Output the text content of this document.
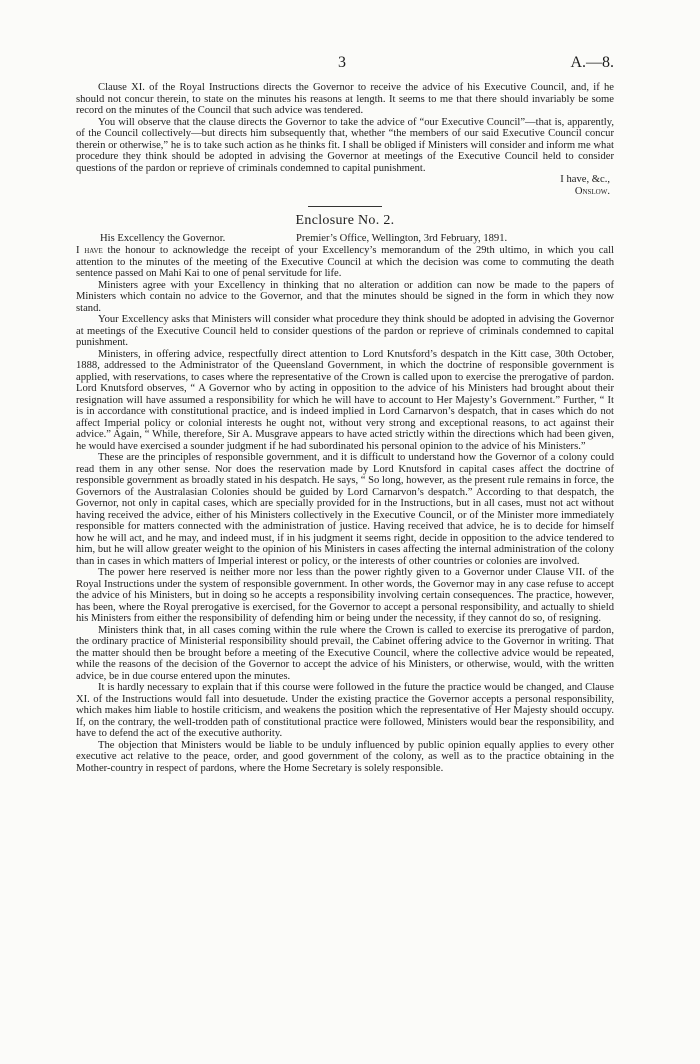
3	A.—8.

Clause XI. of the Royal Instructions directs the Governor to receive the advice of his Executive Council, and, if he should not concur therein, to state on the minutes his reasons at length. It seems to me that there should invariably be some record on the minutes of the Council that such advice was tendered.

You will observe that the clause directs the Governor to take the advice of “our Executive Council”—that is, apparently, of the Council collectively—but directs him subsequently that, whether “the members of our said Executive Council concur therein or otherwise,” he is to take such action as he thinks fit. I shall be obliged if Ministers will consider and inform me what procedure they think should be adopted in advising the Governor at meetings of the Executive Council held to consider questions of the pardon or reprieve of criminals condemned to capital punishment.

I have, &c.,

Onslow.

Enclosure No. 2.
His Excellency the Governor.	Premier’s Office, Wellington, 3rd February, 1891.

I have the honour to acknowledge the receipt of your Excellency’s memorandum of the 29th ultimo, in which you call attention to the minutes of the meeting of the Executive Council at which the decision was come to commuting the death sentence passed on Mahi Kai to one of penal servitude for life.

Ministers agree with your Excellency in thinking that no alteration or addition can now be made to the papers of Ministers which contain no advice to the Governor, and that the minutes should be signed in the form in which they now stand.

Your Excellency asks that Ministers will consider what procedure they think should be adopted in advising the Governor at meetings of the Executive Council held to consider questions of the pardon or reprieve of criminals condemned to capital punishment.

Ministers, in offering advice, respectfully direct attention to Lord Knutsford’s despatch in the Kitt case, 30th October, 1888, addressed to the Administrator of the Queensland Government, in which the doctrine of responsible government is applied, with reservations, to cases where the representative of the Crown is called upon to exercise the prerogative of pardon. Lord Knutsford observes, “ A Governor who by acting in opposition to the advice of his Ministers had brought about their resignation will have assumed a responsibility for which he will have to account to Her Majesty’s Government.” Further, “ It is in accordance with constitutional practice, and is indeed implied in Lord Carnarvon’s despatch, that in cases which do not affect Imperial policy or colonial interests he ought not, without very strong and exceptional reasons, to act against their advice.” Again, “ While, therefore, Sir A. Musgrave appears to have acted strictly within the directions which had been given, he would have exercised a sounder judgment if he had subordinated his personal opinion to the advice of his Ministers.”

These are the principles of responsible government, and it is difficult to understand how the Governor of a colony could read them in any other sense. Nor does the reservation made by Lord Knutsford in capital cases affect the doctrine of responsible government as broadly stated in his despatch. He says, “ So long, however, as the present rule remains in force, the Governors of the Australasian Colonies should be guided by Lord Carnarvon’s despatch.” According to that despatch, the Governor, not only in capital cases, which are specially provided for in the Instructions, but in all cases, must not act without having received the advice, either of his Ministers collectively in the Executive Council, or of the Minister more immediately responsible for matters connected with the administration of justice. Having received that advice, he is to decide for himself how he will act, and he may, and indeed must, if in his judgment it seems right, decide in opposition to the advice tendered to him, but he will allow greater weight to the opinion of his Ministers in cases affecting the internal administration of the colony than in cases in which matters of Imperial interest or policy, or the interests of other countries or colonies are involved.

The power here reserved is neither more nor less than the power rightly given to a Governor under Clause VII. of the Royal Instructions under the system of responsible government. In other words, the Governor may in any case refuse to accept the advice of his Ministers, but in doing so he accepts a responsibility involving certain consequences. The practice, however, has been, where the Royal prerogative is exercised, for the Governor to accept a personal responsibility, and actually to shield his Ministers from either the responsibility of defending him or being under the necessity, if they cannot do so, of resigning.

Ministers think that, in all cases coming within the rule where the Crown is called to exercise its prerogative of pardon, the ordinary practice of Ministerial responsibility should prevail, the Cabinet offering advice to the Governor in writing. That the matter should then be brought before a meeting of the Executive Council, where the collective advice would be repeated, while the reasons of the decision of the Governor to accept the advice of his Ministers, or otherwise, would, with the written advice, be in due course entered upon the minutes.

It is hardly necessary to explain that if this course were followed in the future the practice would be changed, and Clause XI. of the Instructions would fall into desuetude. Under the existing practice the Governor accepts a personal responsibility, which makes him liable to hostile criticism, and weakens the position which the representative of Her Majesty should occupy. If, on the contrary, the well-trodden path of constitutional practice were followed, Ministers would bear the responsibility, and have to defend the act of the executive authority.

The objection that Ministers would be liable to be unduly influenced by public opinion equally applies to every other executive act relative to the peace, order, and good government of the colony, as well as to the practice obtaining in the Mother-country in respect of pardons, where the Home Secretary is solely responsible.
